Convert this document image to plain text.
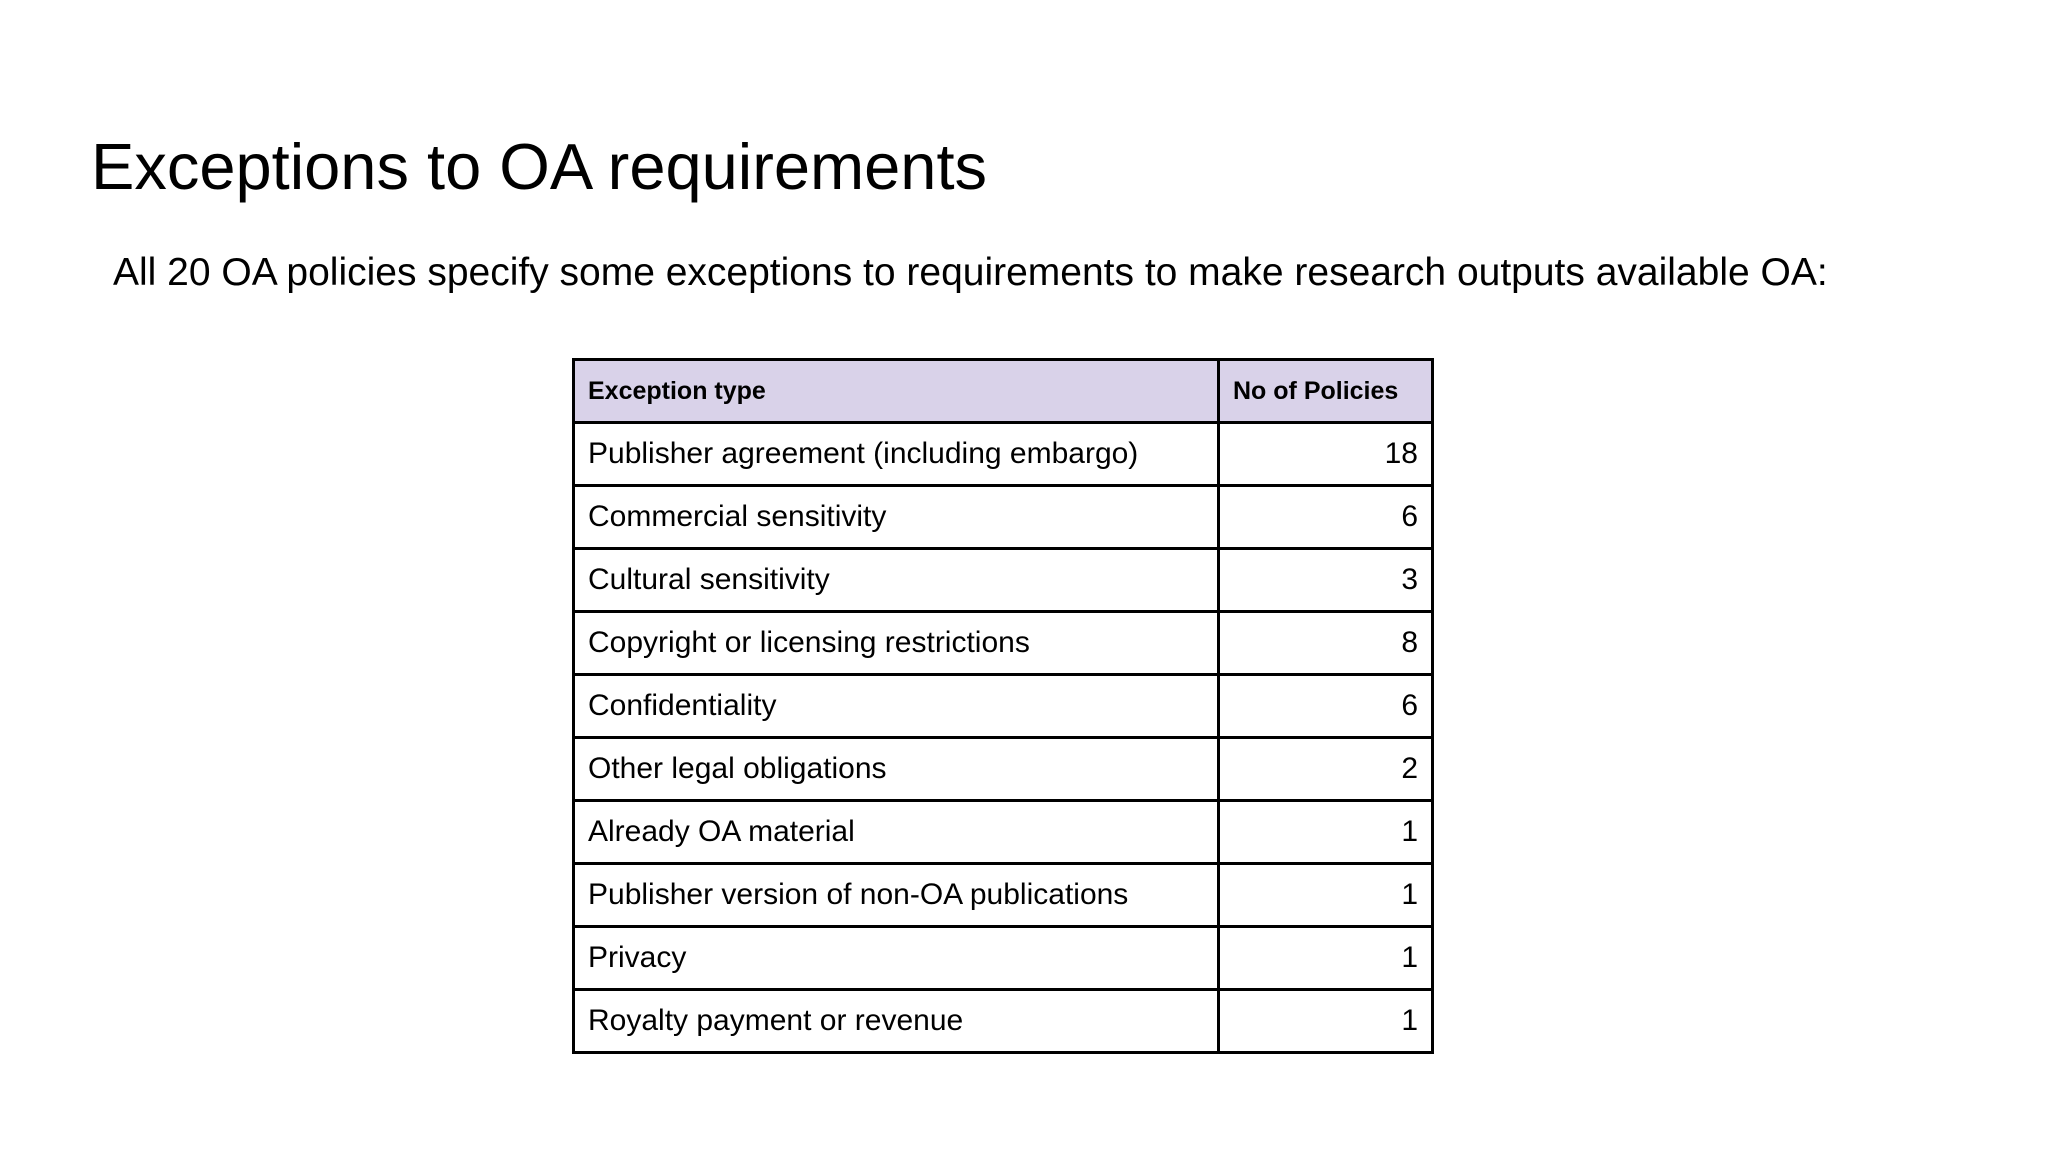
Exceptions to OA requirements

All 20 OA policies specify some exceptions to requirements to make research outputs available OA:

Exception type	No of Policies
Publisher agreement (including embargo)	18
Commercial sensitivity	6
Cultural sensitivity	3
Copyright or licensing restrictions	8
Confidentiality	6
Other legal obligations	2
Already OA material	1
Publisher version of non-OA publications	1
Privacy	1
Royalty payment or revenue	1
